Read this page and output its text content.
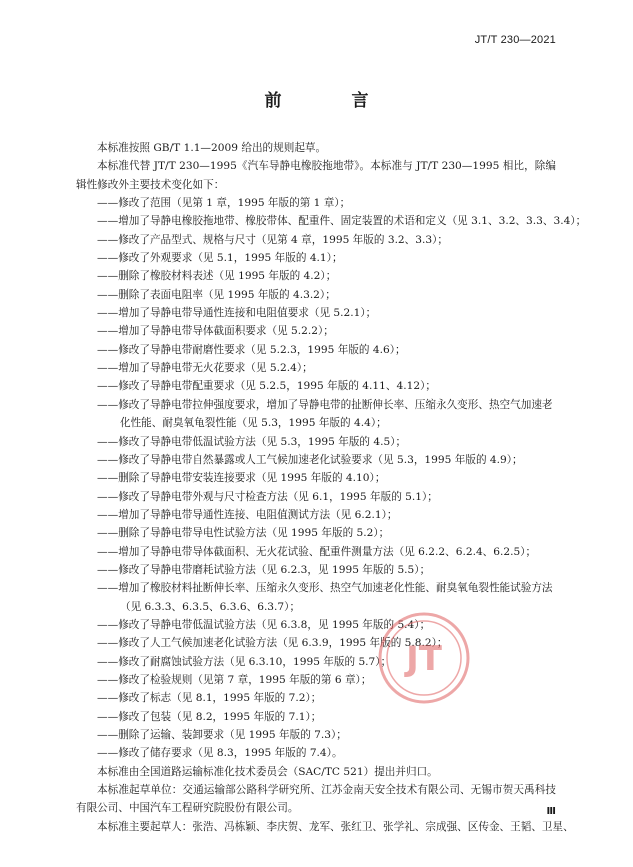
JT/T 230—2021
前 言

本标准按照 GB/T 1.1—2009 给出的规则起草。

本标准代替 JT/T 230—1995《汽车导静电橡胶拖地带》。本标准与 JT/T 230—1995 相比，除编辑性修改外主要技术变化如下：

——修改了范围（见第 1 章，1995 年版的第 1 章）；

——增加了导静电橡胶拖地带、橡胶带体、配重件、固定装置的术语和定义（见 3.1、3.2、3.3、3.4）；

——修改了产品型式、规格与尺寸（见第 4 章，1995 年版的 3.2、3.3）；

——修改了外观要求（见 5.1，1995 年版的 4.1）；

——删除了橡胶材料表述（见 1995 年版的 4.2）；

——删除了表面电阻率（见 1995 年版的 4.3.2）；

——增加了导静电带导通性连接和电阻值要求（见 5.2.1）；

——增加了导静电带导体截面积要求（见 5.2.2）；

——修改了导静电带耐磨性要求（见 5.2.3，1995 年版的 4.6）；

——增加了导静电带无火花要求（见 5.2.4）；

——修改了导静电带配重要求（见 5.2.5，1995 年版的 4.11、4.12）；

——修改了导静电带拉伸强度要求，增加了导静电带的扯断伸长率、压缩永久变形、热空气加速老

化性能、耐臭氧龟裂性能（见 5.3，1995 年版的 4.4）；

——修改了导静电带低温试验方法（见 5.3，1995 年版的 4.5）；

——修改了导静电带自然暴露或人工气候加速老化试验要求（见 5.3，1995 年版的 4.9）；

——删除了导静电带安装连接要求（见 1995 年版的 4.10）；

——修改了导静电带外观与尺寸检查方法（见 6.1，1995 年版的 5.1）；

——增加了导静电带导通性连接、电阻值测试方法（见 6.2.1）；

——删除了导静电带导电性试验方法（见 1995 年版的 5.2）；

——增加了导静电带导体截面积、无火花试验、配重件测量方法（见 6.2.2、6.2.4、6.2.5）；

——修改了导静电带磨耗试验方法（见 6.2.3，见 1995 年版的 5.5）；

——增加了橡胶材料扯断伸长率、压缩永久变形、热空气加速老化性能、耐臭氧龟裂性能试验方法

（见 6.3.3、6.3.5、6.3.6、6.3.7）；

——修改了导静电带低温试验方法（见 6.3.8，见 1995 年版的 5.4）；

——修改了人工气候加速老化试验方法（见 6.3.9，1995 年版的 5.8.2）；

——修改了耐腐蚀试验方法（见 6.3.10，1995 年版的 5.7）；

——修改了检验规则（见第 7 章，1995 年版的第 6 章）；

——修改了标志（见 8.1，1995 年版的 7.2）；

——修改了包装（见 8.2，1995 年版的 7.1）；

——删除了运输、装卸要求（见 1995 年版的 7.3）；

——修改了储存要求（见 8.3，1995 年版的 7.4）。

本标准由全国道路运输标准化技术委员会（SAC/TC 521）提出并归口。

本标准起草单位：交通运输部公路科学研究所、江苏金南天安全技术有限公司、无锡市贺天禹科技有限公司、中国汽车工程研究院股份有限公司。

本标准主要起草人：张浩、冯栋颖、李庆贺、龙军、张红卫、张学礼、宗成强、区传金、王韬、卫星、

JT
Ⅲ
